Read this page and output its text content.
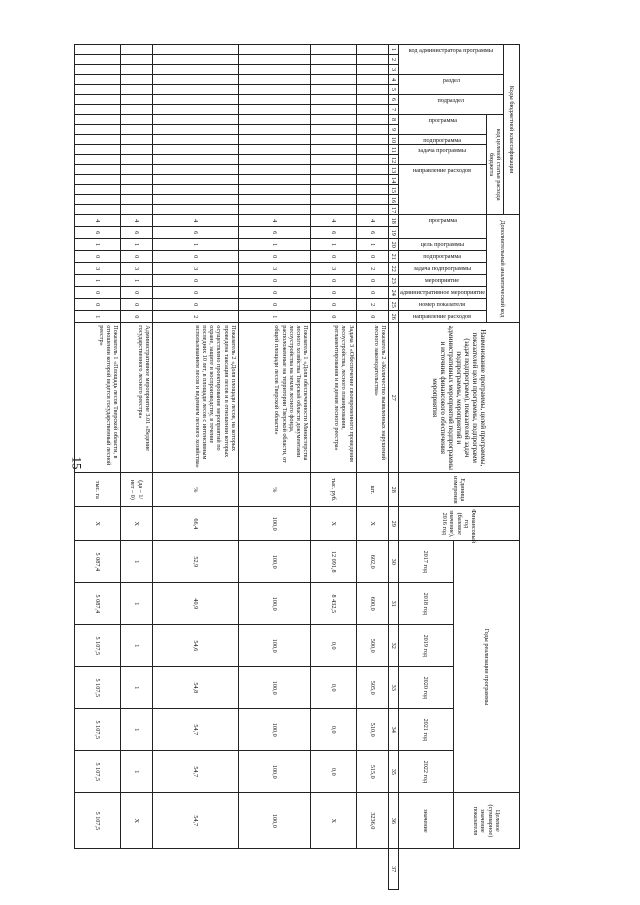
15
Коды бюджетной классификации																	Дополнительный аналитический код									Наименование программы, целей программы, показателей цели программы, подпрограмм (задач подпрограмм), показателей задач подпрограммы, мероприятий и административных мероприятий подпрограммы и источник финансового обеспечения мероприятия	Единица измерения	Финансовый год (базовое значение), 2016 год	Годы реализации программы						Целевое (суммарное) значение показателя	

код администратора программы			раздел		подраздел		код целевой статьи расхода бюджета																													

							программа		подпрограмма	задача программы		направление расходов					программа		цель программы	подпрограмма	задача подпрограммы	мероприятие	административное мероприятие	номер показателя	направление расходов											

																													2017 год	2018 год	2019 год	2020 год	2021 год	2022 год	значение	
1	2	3	4	5	6	7	8	9	10	11	12	13	14	15	16	17	18	19	20	21	22	23	24	25	26	27	28	29	30	31	32	33	34	35	36	37
																	4	6	1	0	2	0	0	2	0	Показатель 2 «Количество выявленных нарушений лесного законодательства»	шт.	X	602,0	600,0	500,0	505,0	510,0	515,0	3236,0	
																	4	6	1	0	3	0	0	0	0	Задача 3 «Обеспечение своевременного проведения лесоустройства, лесного планирования, регламентирования и ведения лесного реестра»	тыс. руб.	X	12 091,8	8 432,5	0,0	0,0	0,0	0,0	X	
																	4	6	1	0	3	0	0	0	1	Показатель 1 «Доля обеспеченности Министерства лесного хозяйства Тверской области документами лесоустройства на земли лесного фонда, расположенные на территории Тверской области, от общей площади лесов Тверской области»	%	100,0	100,0	100,0	100,0	100,0	100,0	100,0	100,0	
																	4	6	1	0	3	0	0	0	2	Показатель 2 «Доля площади лесов, на которых проведена таксация лесов и в отношении которых осуществлено проектирование мероприятий по охране, защите и воспроизводству, в течение последних 10 лет, в площади лесов с интенсивным использованием лесов и ведением лесного хозяйства»	%	66,4	52,9	40,9	54,6	54,8	54,7	54,7	54,7	
																	4	6	1	0	3	1	0	0	0	Административное мероприятие 3.01 «Ведение государственного лесного реестра»	(да – 1/ нет – 0)	X	1	1	1	1	1	1	X	
																	4	6	1	0	3	1	0	0	1	Показатель 1 «Площадь лесов Тверской области, в отношении которой ведется государственный лесной реестр»	тыс. га	X	5 087,4	5 087,4	5 107,5	5 107,5	5 107,5	5 107,5	5 107,5	
